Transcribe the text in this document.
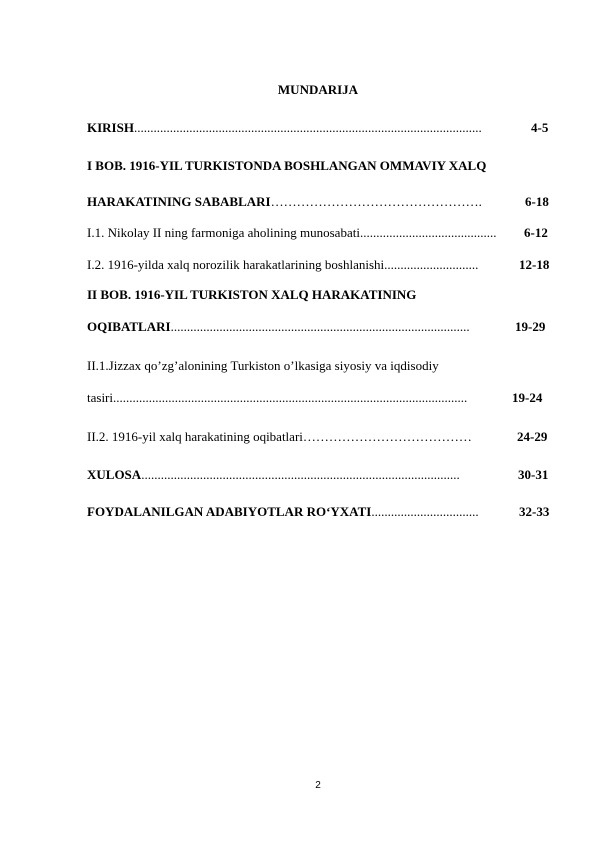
MUNDARIJA
KIRISH...........................................................................................................	4-5
I BOB. 1916-YIL TURKISTONDA BOSHLANGAN OMMAVIY XALQ
HARAKATINING SABABLARI………………………………………….	6-18
I.1. Nikolay II ning farmoniga aholining munosabati.......................................... 6-12
I.2. 1916-yilda xalq norozilik harakatlarining boshlanishi.............................	12-18
II BOB. 1916-YIL TURKISTON XALQ HARAKATINING
OQIBATLARI............................................................................................	19-29
II.1.Jizzax qo’zg’alonining Turkiston o’lkasiga siyosiy va iqdisodiy
tasiri.............................................................................................................	19-24
II.2. 1916-yil xalq harakatining oqibatlari…………………………………	24-29
XULOSA..................................................................................................	30-31
FOYDALANILGAN ADABIYOTLAR RO‘YXATI.................................	32-33
2
